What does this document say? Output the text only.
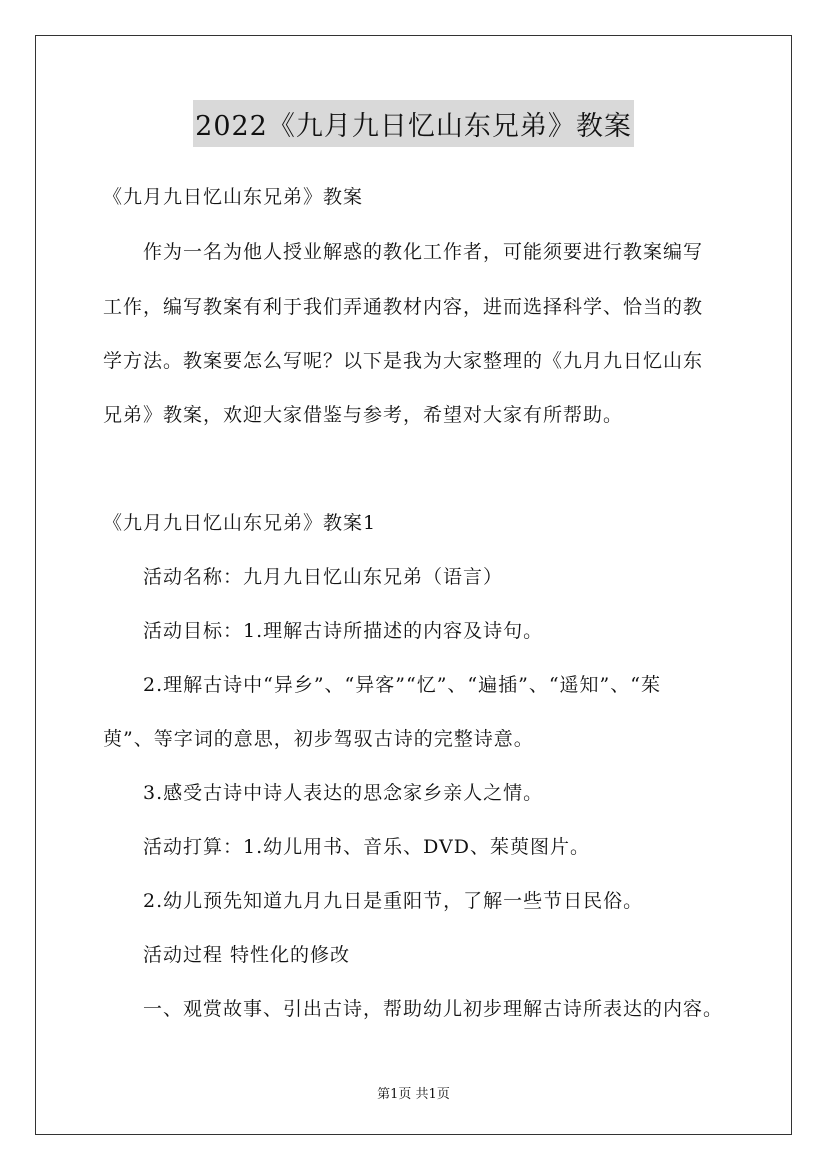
2022《九月九日忆山东兄弟》教案
《九月九日忆山东兄弟》教案
作为一名为他人授业解惑的教化工作者，可能须要进行教案编写
工作，编写教案有利于我们弄通教材内容，进而选择科学、恰当的教
学方法。教案要怎么写呢？以下是我为大家整理的《九月九日忆山东
兄弟》教案，欢迎大家借鉴与参考，希望对大家有所帮助。
《九月九日忆山东兄弟》教案1
活动名称：九月九日忆山东兄弟（语言）
活动目标：1.理解古诗所描述的内容及诗句。
2.理解古诗中“异乡”、“异客”“忆”、“遍插”、“遥知”、“茱
萸”、等字词的意思，初步驾驭古诗的完整诗意。
3.感受古诗中诗人表达的思念家乡亲人之情。
活动打算：1.幼儿用书、音乐、DVD、茱萸图片。
2.幼儿预先知道九月九日是重阳节，了解一些节日民俗。
活动过程 特性化的修改
一、观赏故事、引出古诗，帮助幼儿初步理解古诗所表达的内容。
第1页 共1页
